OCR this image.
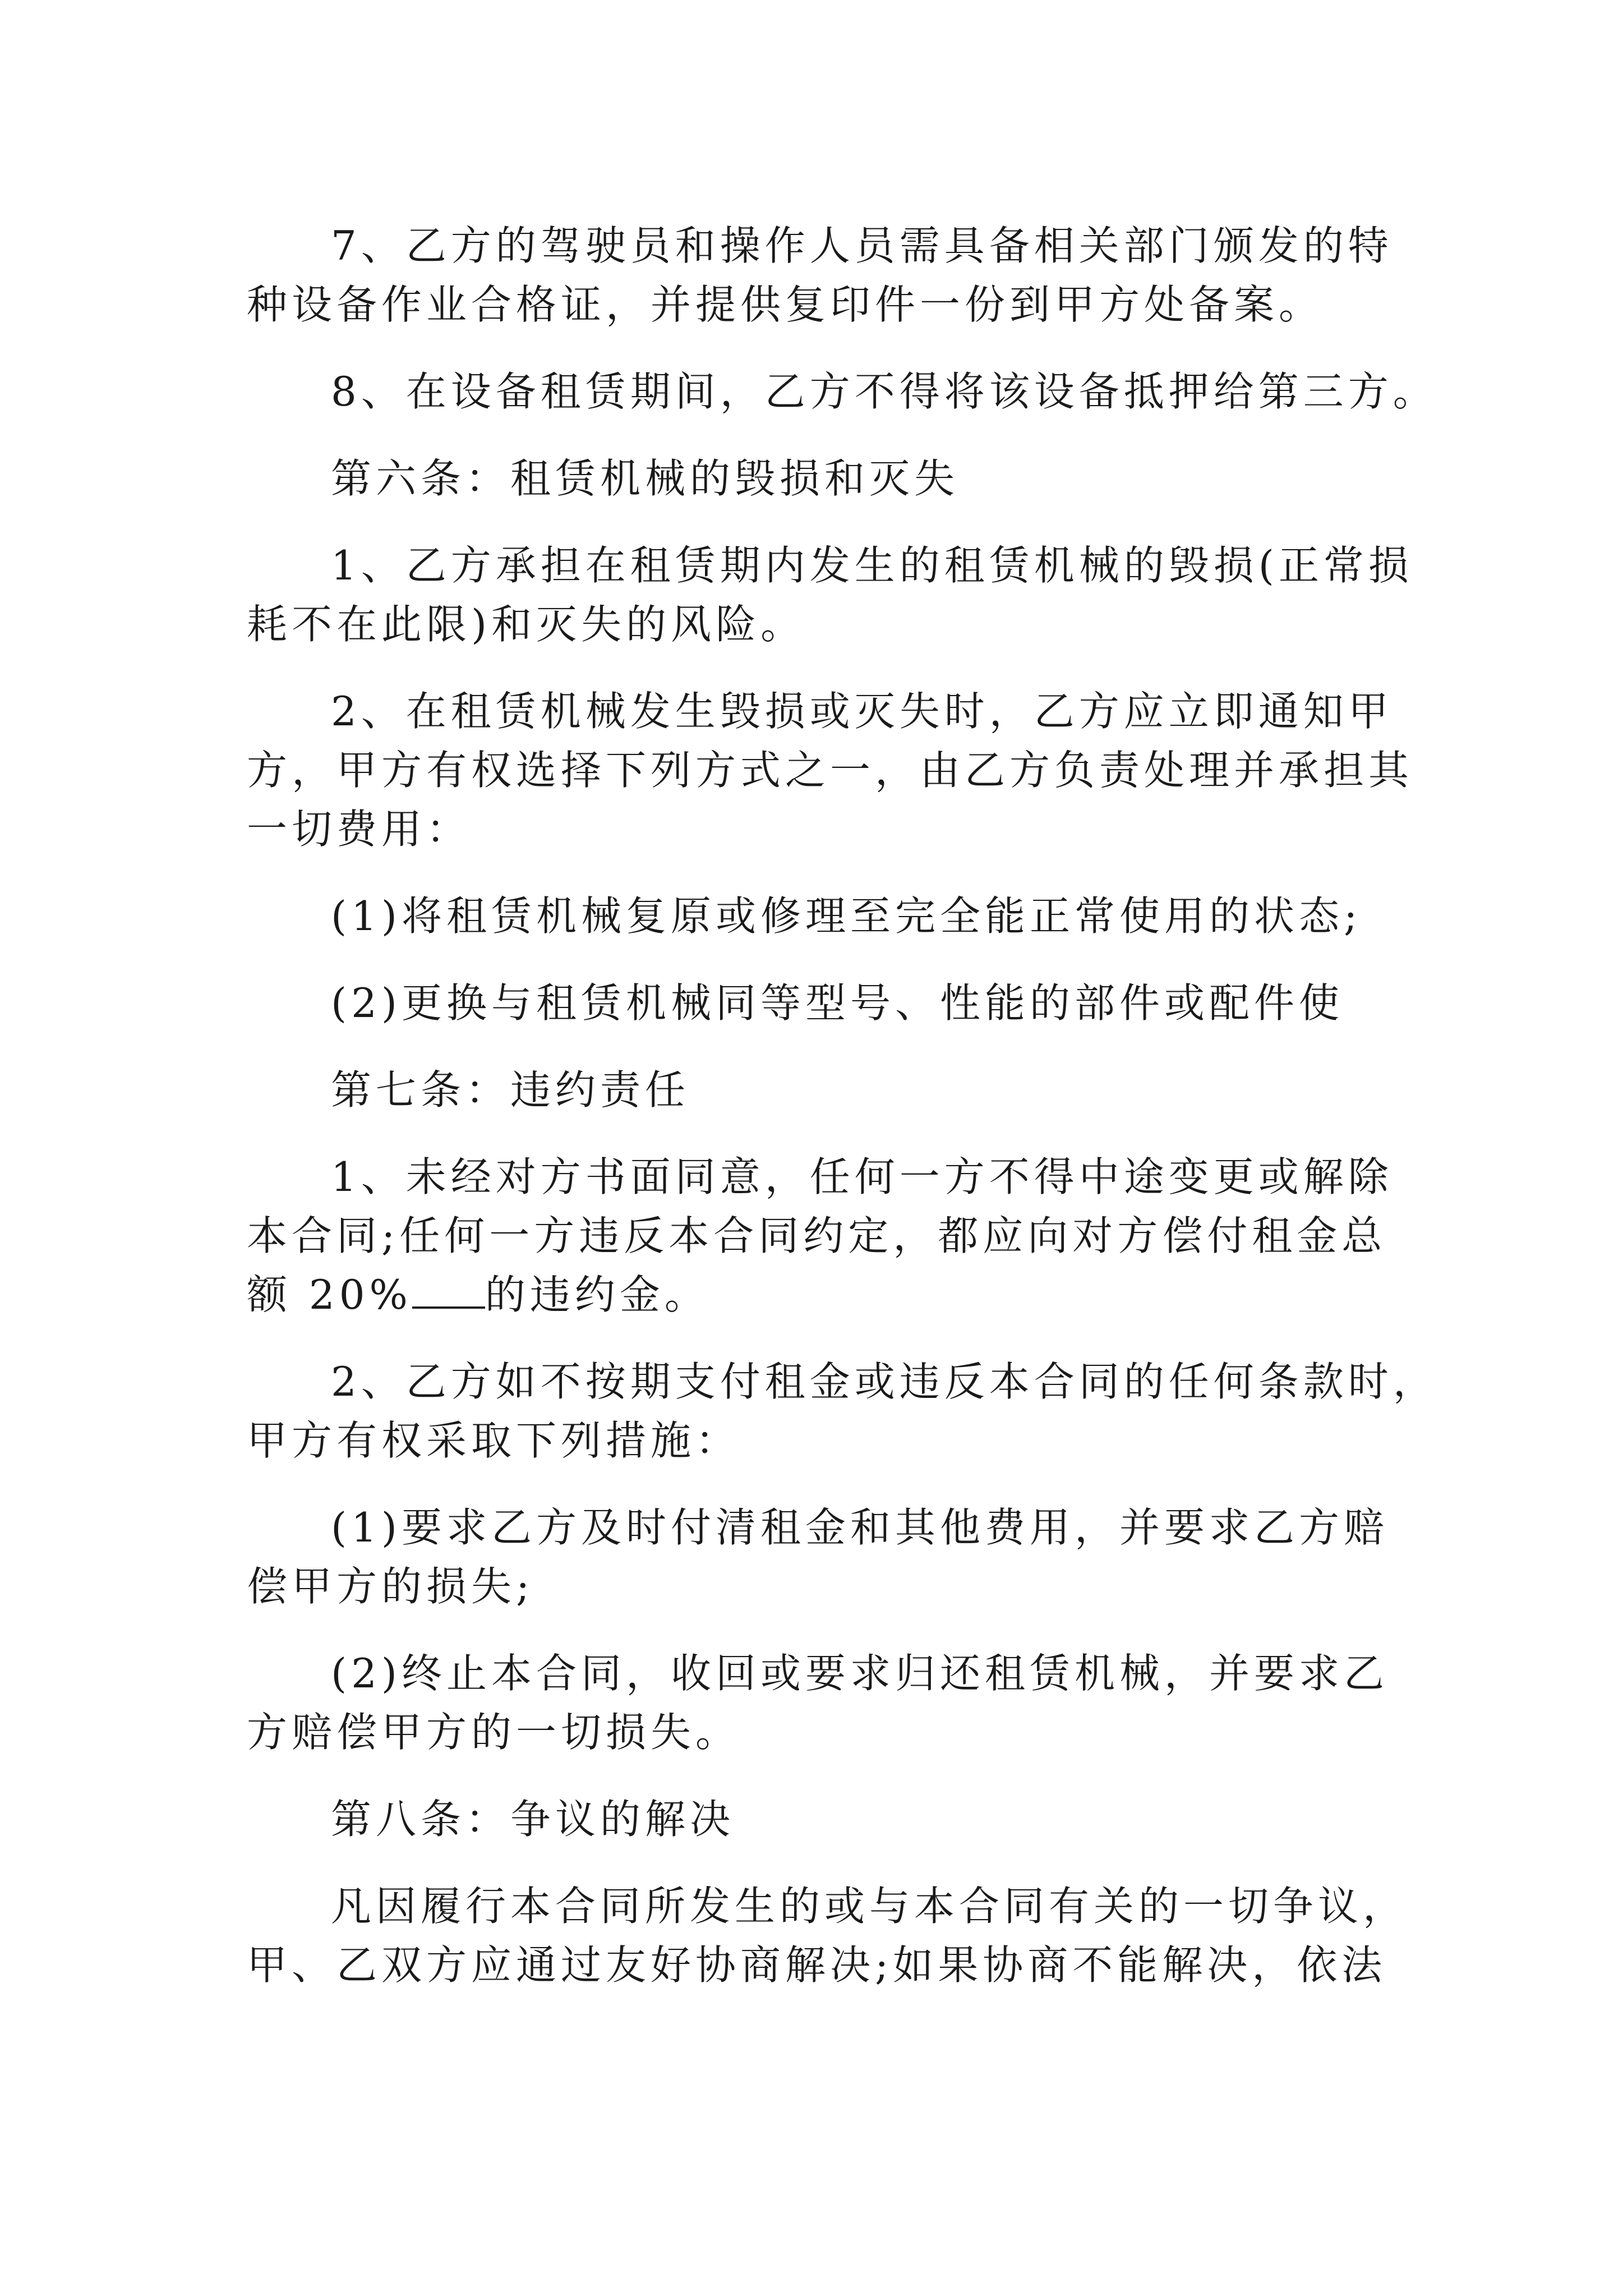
7、乙方的驾驶员和操作人员需具备相关部门颁发的特
种设备作业合格证，并提供复印件一份到甲方处备案。
8、在设备租赁期间，乙方不得将该设备抵押给第三方。
第六条：租赁机械的毁损和灭失
1、乙方承担在租赁期内发生的租赁机械的毁损(正常损
耗不在此限)和灭失的风险。
2、在租赁机械发生毁损或灭失时，乙方应立即通知甲
方，甲方有权选择下列方式之一，由乙方负责处理并承担其
一切费用：
(1)将租赁机械复原或修理至完全能正常使用的状态;
(2)更换与租赁机械同等型号、性能的部件或配件使
第七条：违约责任
1、未经对方书面同意，任何一方不得中途变更或解除
本合同;任何一方违反本合同约定，都应向对方偿付租金总
额 20% 的违约金。
2、乙方如不按期支付租金或违反本合同的任何条款时，
甲方有权采取下列措施：
(1)要求乙方及时付清租金和其他费用，并要求乙方赔
偿甲方的损失;
(2)终止本合同，收回或要求归还租赁机械，并要求乙
方赔偿甲方的一切损失。
第八条：争议的解决
凡因履行本合同所发生的或与本合同有关的一切争议，
甲、乙双方应通过友好协商解决;如果协商不能解决，依法
